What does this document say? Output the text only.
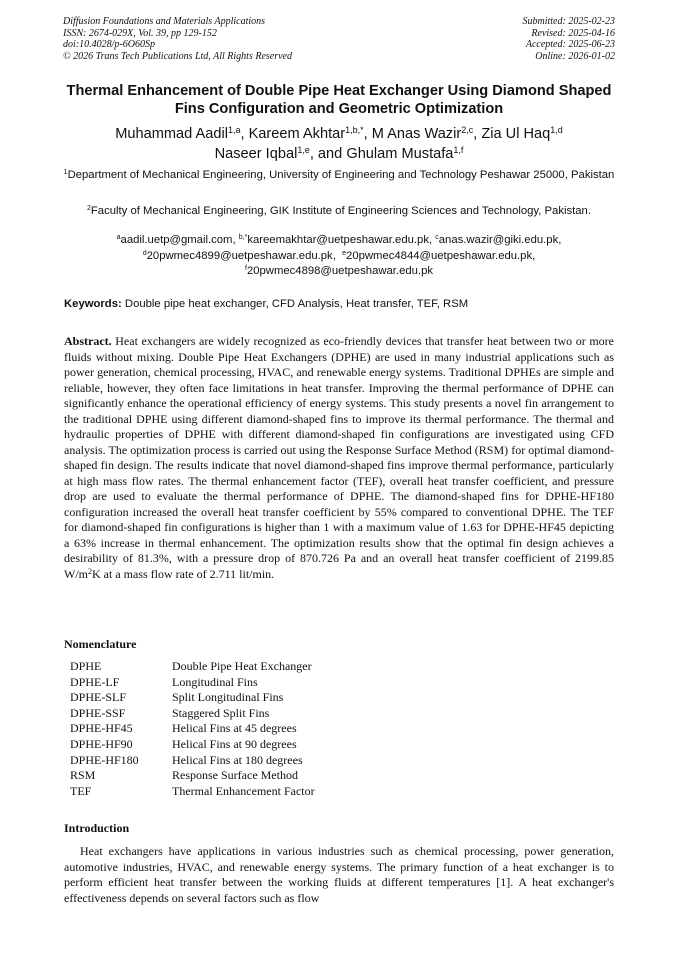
Diffusion Foundations and Materials Applications
ISSN: 2674-029X, Vol. 39, pp 129-152
doi:10.4028/p-6O60Sp
© 2026 Trans Tech Publications Ltd, All Rights Reserved
Submitted: 2025-02-23
Revised: 2025-04-16
Accepted: 2025-06-23
Online: 2026-01-02
Thermal Enhancement of Double Pipe Heat Exchanger Using Diamond Shaped Fins Configuration and Geometric Optimization
Muhammad Aadil$^{1,a}$, Kareem Akhtar$^{1,b,*}$, M Anas Wazir$^{2,c}$, Zia Ul Haq$^{1,d}$
Naseer Iqbal$^{1,e}$, and Ghulam Mustafa$^{1,f}$
$^1$Department of Mechanical Engineering, University of Engineering and Technology Peshawar 25000, Pakistan
$^2$Faculty of Mechanical Engineering, GIK Institute of Engineering Sciences and Technology, Pakistan.
$^a$aadil.uetp@gmail.com, $^{b,*}$kareemakhtar@uetpeshawar.edu.pk, $^c$anas.wazir@giki.edu.pk,
$^d$20pwmec4899@uetpeshawar.edu.pk,  $^e$20pwmec4844@uetpeshawar.edu.pk,
$^f$20pwmec4898@uetpeshawar.edu.pk
Keywords: Double pipe heat exchanger, CFD Analysis, Heat transfer, TEF, RSM
Abstract. Heat exchangers are widely recognized as eco-friendly devices that transfer heat between two or more fluids without mixing. Double Pipe Heat Exchangers (DPHE) are used in many industrial applications such as power generation, chemical processing, HVAC, and renewable energy systems. Traditional DPHEs are simple and reliable, however, they often face limitations in heat transfer. Improving the thermal performance of DPHE can significantly enhance the operational efficiency of energy systems. This study presents a novel fin arrangement to the traditional DPHE using different diamond-shaped fins to improve its thermal performance. The thermal and hydraulic properties of DPHE with different diamond-shaped fin configurations are investigated using CFD analysis. The optimization process is carried out using the Response Surface Method (RSM) for optimal diamond-shaped fin design. The results indicate that novel diamond-shaped fins improve thermal performance, particularly at high mass flow rates. The thermal enhancement factor (TEF), overall heat transfer coefficient, and pressure drop are used to evaluate the thermal performance of DPHE. The diamond-shaped fins for DPHE-HF180 configuration increased the overall heat transfer coefficient by 55% compared to conventional DPHE. The TEF for diamond-shaped fin configurations is higher than 1 with a maximum value of 1.63 for DPHE-HF45 depicting a 63% increase in thermal enhancement. The optimization results show that the optimal fin design achieves a desirability of 81.3%, with a pressure drop of 870.726 Pa and an overall heat transfer coefficient of 2199.85 $W/m^2K$ at a mass flow rate of 2.711 lit/min.
Nomenclature
DPHE	Double Pipe Heat Exchanger
DPHE-LF	Longitudinal Fins
DPHE-SLF	Split Longitudinal Fins
DPHE-SSF	Staggered Split Fins
DPHE-HF45	Helical Fins at 45 degrees
DPHE-HF90	Helical Fins at 90 degrees
DPHE-HF180	Helical Fins at 180 degrees
RSM	Response Surface Method
TEF	Thermal Enhancement Factor
Introduction
Heat exchangers have applications in various industries such as chemical processing, power generation, automotive industries, HVAC, and renewable energy systems. The primary function of a heat exchanger is to perform efficient heat transfer between the working fluids at different temperatures [1]. A heat exchanger's effectiveness depends on several factors such as flow
